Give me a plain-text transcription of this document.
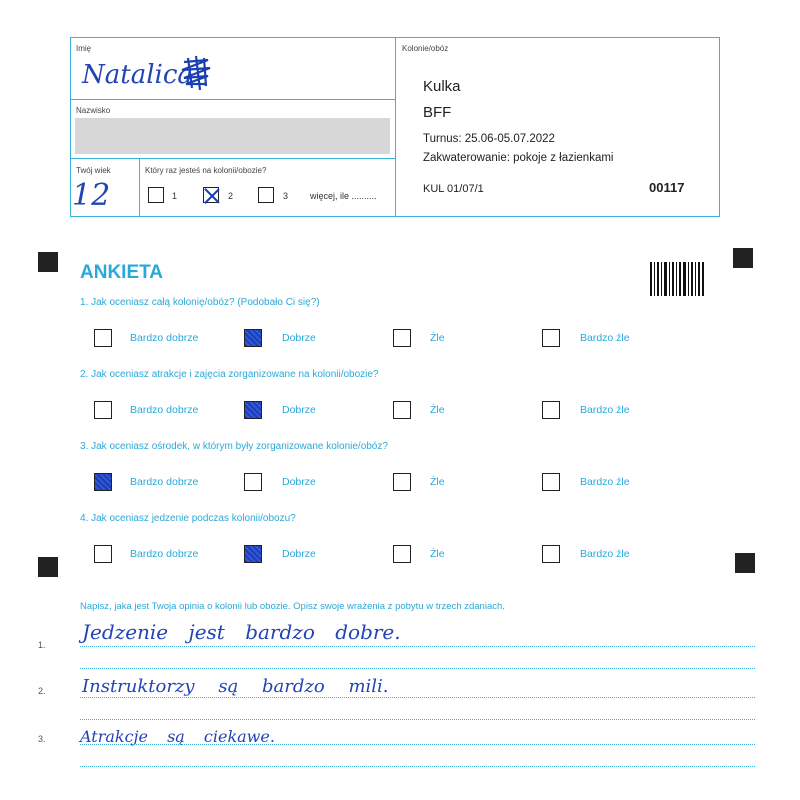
Imię
Natalica
Nazwisko
Twój wiek
12
Który raz jesteś na kolonii/obozie?
1	2	3 więcej, ile ..........
Kolonie/obóz
Kulka
BFF
Turnus: 25.06-05.07.2022
Zakwaterowanie: pokoje z łazienkami
KUL 01/07/1	00117
ANKIETA
1. Jak oceniasz całą kolonię/obóz? (Podobało Ci się?)
Bardzo dobrze	Dobrze	Źle	Bardzo źle
2. Jak oceniasz atrakcje i zajęcia zorganizowane na kolonii/obozie?
Bardzo dobrze	Dobrze	Źle	Bardzo źle
3. Jak oceniasz ośrodek, w którym były zorganizowane kolonie/obóz?
Bardzo dobrze	Dobrze	Źle	Bardzo źle
4. Jak oceniasz jedzenie podczas kolonii/obozu?
Bardzo dobrze	Dobrze	Źle	Bardzo źle
Napisz, jaka jest Twoja opinia o kolonii lub obozie. Opisz swoje wrażenia z pobytu w trzech zdaniach.
1.
Jedzenie jest bardzo dobre.
2. Instruktorzy są bardzo mili.
3. Atrakcje są ciekawe.
